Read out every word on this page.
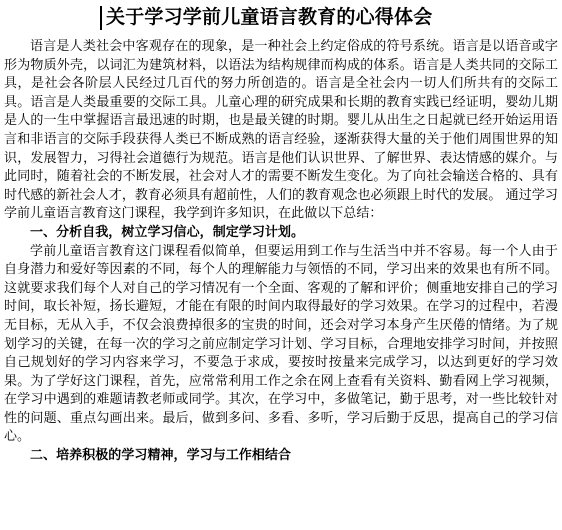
关于学习学前儿童语言教育的心得体会

语言是人类社会中客观存在的现象，是一种社会上约定俗成的符号系统。语言是以语音或字形为物质外壳，以词汇为建筑材料，以语法为结构规律而构成的体系。语言是人类共同的交际工具，是社会各阶层人民经过几百代的努力所创造的。语言是全社会内一切人们所共有的交际工具。语言是人类最重要的交际工具。儿童心理的研究成果和长期的教育实践已经证明，婴幼儿期是人的一生中掌握语言最迅速的时期，也是最关键的时期。婴儿从出生之日起就已经开始运用语言和非语言的交际手段获得人类已不断成熟的语言经验，逐渐获得大量的关于他们周围世界的知识，发展智力，习得社会道德行为规范。语言是他们认识世界、了解世界、表达情感的媒介。与此同时，随着社会的不断发展，社会对人才的需要不断发生变化。为了向社会输送合格的、具有时代感的新社会人才，教育必须具有超前性，人们的教育观念也必须跟上时代的发展。 通过学习学前儿童语言教育这门课程，我学到许多知识，在此做以下总结：

一、分析自我，树立学习信心，制定学习计划。

学前儿童语言教育这门课程看似简单，但要运用到工作与生活当中并不容易。每一个人由于自身潜力和爱好等因素的不同，每个人的理解能力与领悟的不同，学习出来的效果也有所不同。这就要求我们每个人对自己的学习情况有一个全面、客观的了解和评价；侧重地安排自己的学习时间，取长补短，扬长避短，才能在有限的时间内取得最好的学习效果。在学习的过程中，若漫无目标，无从入手，不仅会浪费掉很多的宝贵的时间，还会对学习本身产生厌倦的情绪。为了规划学习的关键，在每一次的学习之前应制定学习计划、学习目标，合理地安排学习时间，并按照自己规划好的学习内容来学习，不要急于求成，要按时按量来完成学习，以达到更好的学习效果。为了学好这门课程，首先，应常常利用工作之余在网上查看有关资料、勤看网上学习视频，在学习中遇到的难题请教老师或同学。其次，在学习中，多做笔记，勤于思考，对一些比较针对性的问题、重点勾画出来。最后，做到多问、多看、多听，学习后勤于反思，提高自己的学习信心。

二、培养积极的学习精神，学习与工作相结合
